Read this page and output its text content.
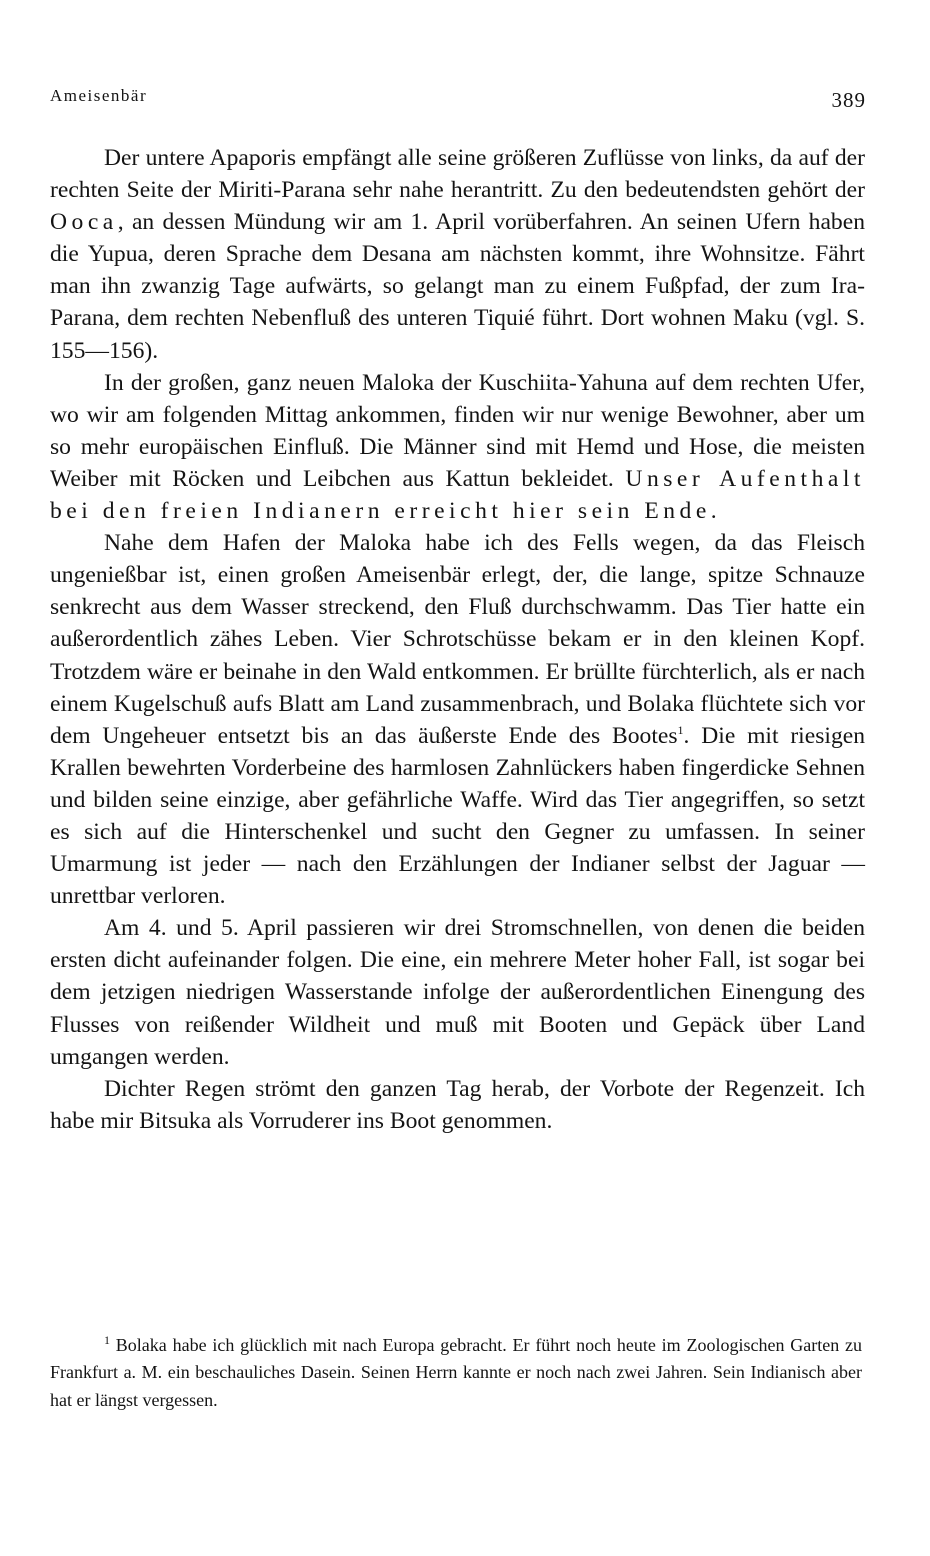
Ameisenbär	389

Der untere Apaporis empfängt alle seine größeren Zuflüsse von links, da auf der rechten Seite der Miriti-Parana sehr nahe herantritt. Zu den bedeutendsten gehört der Ooca, an dessen Mündung wir am 1. April vorüberfahren. An seinen Ufern haben die Yupua, deren Sprache dem Desana am nächsten kommt, ihre Wohnsitze. Fährt man ihn zwanzig Tage aufwärts, so gelangt man zu einem Fußpfad, der zum Ira-Parana, dem rechten Nebenfluß des unteren Tiquié führt. Dort wohnen Maku (vgl. S. 155—156).

In der großen, ganz neuen Maloka der Kuschiita-Yahuna auf dem rechten Ufer, wo wir am folgenden Mittag ankommen, finden wir nur wenige Bewohner, aber um so mehr europäischen Einfluß. Die Männer sind mit Hemd und Hose, die meisten Weiber mit Röcken und Leibchen aus Kattun bekleidet. Unser Aufenthalt bei den freien Indianern erreicht hier sein Ende.

Nahe dem Hafen der Maloka habe ich des Fells wegen, da das Fleisch ungenießbar ist, einen großen Ameisenbär erlegt, der, die lange, spitze Schnauze senkrecht aus dem Wasser streckend, den Fluß durchschwamm. Das Tier hatte ein außerordentlich zähes Leben. Vier Schrotschüsse bekam er in den kleinen Kopf. Trotzdem wäre er beinahe in den Wald entkommen. Er brüllte fürchterlich, als er nach einem Kugelschuß aufs Blatt am Land zusammenbrach, und Bolaka flüchtete sich vor dem Ungeheuer entsetzt bis an das äußerste Ende des Bootes$^1$. Die mit riesigen Krallen bewehrten Vorderbeine des harmlosen Zahnlückers haben fingerdicke Sehnen und bilden seine einzige, aber gefährliche Waffe. Wird das Tier angegriffen, so setzt es sich auf die Hinterschenkel und sucht den Gegner zu umfassen. In seiner Umarmung ist jeder — nach den Erzählungen der Indianer selbst der Jaguar — unrettbar verloren.

Am 4. und 5. April passieren wir drei Stromschnellen, von denen die beiden ersten dicht aufeinander folgen. Die eine, ein mehrere Meter hoher Fall, ist sogar bei dem jetzigen niedrigen Wasserstande infolge der außerordentlichen Einengung des Flusses von reißender Wildheit und muß mit Booten und Gepäck über Land umgangen werden.

Dichter Regen strömt den ganzen Tag herab, der Vorbote der Regenzeit. Ich habe mir Bitsuka als Vorruderer ins Boot genommen.

$^1$ Bolaka habe ich glücklich mit nach Europa gebracht. Er führt noch heute im Zoologischen Garten zu Frankfurt a. M. ein beschauliches Dasein. Seinen Herrn kannte er noch nach zwei Jahren. Sein Indianisch aber hat er längst vergessen.
